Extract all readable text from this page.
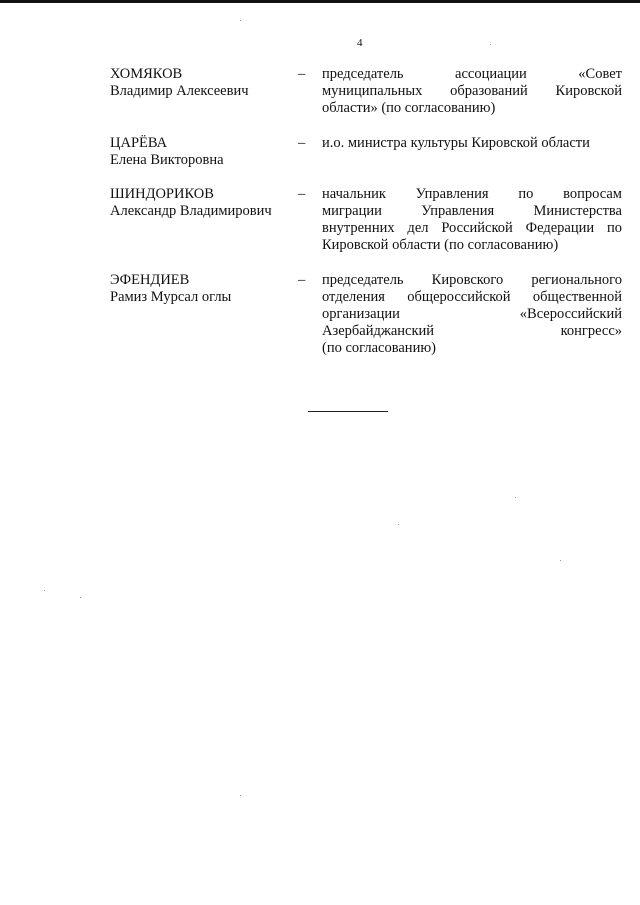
4
ХОМЯКОВ
Владимир Алексеевич
– председатель ассоциации «Совет
муниципальных образований Кировской
области» (по согласованию)
ЦАРЁВА
Елена Викторовна
– и.о. министра культуры Кировской области
ШИНДОРИКОВ
Александр Владимирович
– начальник Управления по вопросам
миграции Управления Министерства
внутренних дел Российской Федерации по
Кировской области (по согласованию)
ЭФЕНДИЕВ
Рамиз Мурсал оглы
– председатель Кировского регионального
отделения общероссийской общественной
организации «Всероссийский
Азербайджанский конгресс»
(по согласованию)
